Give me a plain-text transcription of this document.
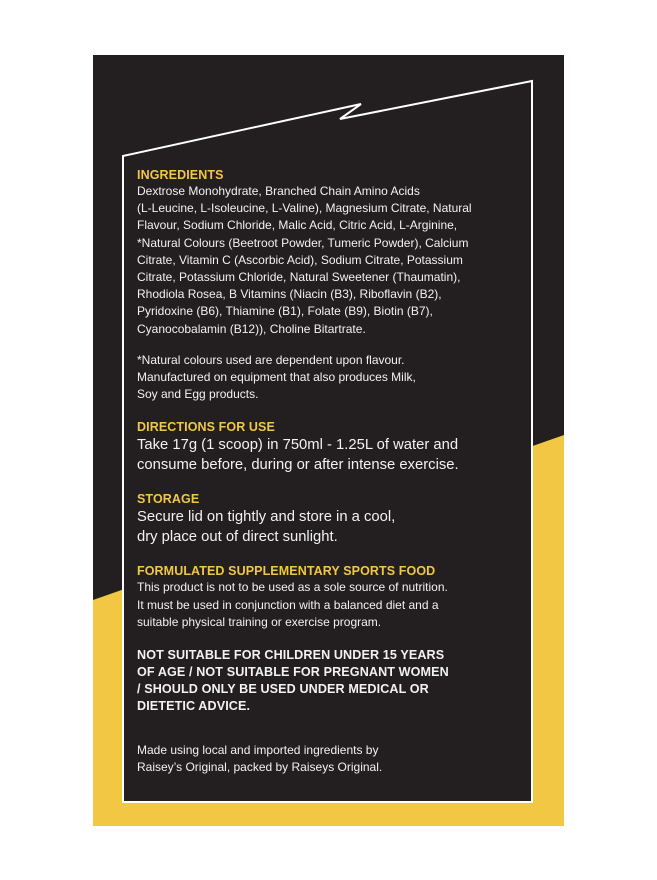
INGREDIENTS

Dextrose Monohydrate, Branched Chain Amino Acids
(L-Leucine, L-Isoleucine, L-Valine), Magnesium Citrate, Natural
Flavour, Sodium Chloride, Malic Acid, Citric Acid, L-Arginine,
*Natural Colours (Beetroot Powder, Tumeric Powder), Calcium
Citrate, Vitamin C (Ascorbic Acid), Sodium Citrate, Potassium
Citrate, Potassium Chloride, Natural Sweetener (Thaumatin),
Rhodiola Rosea, B Vitamins (Niacin (B3), Riboflavin (B2),
Pyridoxine (B6), Thiamine (B1), Folate (B9), Biotin (B7),
Cyanocobalamin (B12)), Choline Bitartrate.

*Natural colours used are dependent upon flavour.

Manufactured on equipment that also produces Milk,
Soy and Egg products.

DIRECTIONS FOR USE

Take 17g (1 scoop) in 750ml - 1.25L of water and
consume before, during or after intense exercise.

STORAGE

Secure lid on tightly and store in a cool,
dry place out of direct sunlight.

FORMULATED SUPPLEMENTARY SPORTS FOOD

This product is not to be used as a sole source of nutrition.
It must be used in conjunction with a balanced diet and a
suitable physical training or exercise program.

NOT SUITABLE FOR CHILDREN UNDER 15 YEARS
OF AGE / NOT SUITABLE FOR PREGNANT WOMEN
/ SHOULD ONLY BE USED UNDER MEDICAL OR
DIETETIC ADVICE.

Made using local and imported ingredients by
Raisey’s Original, packed by Raiseys Original.
